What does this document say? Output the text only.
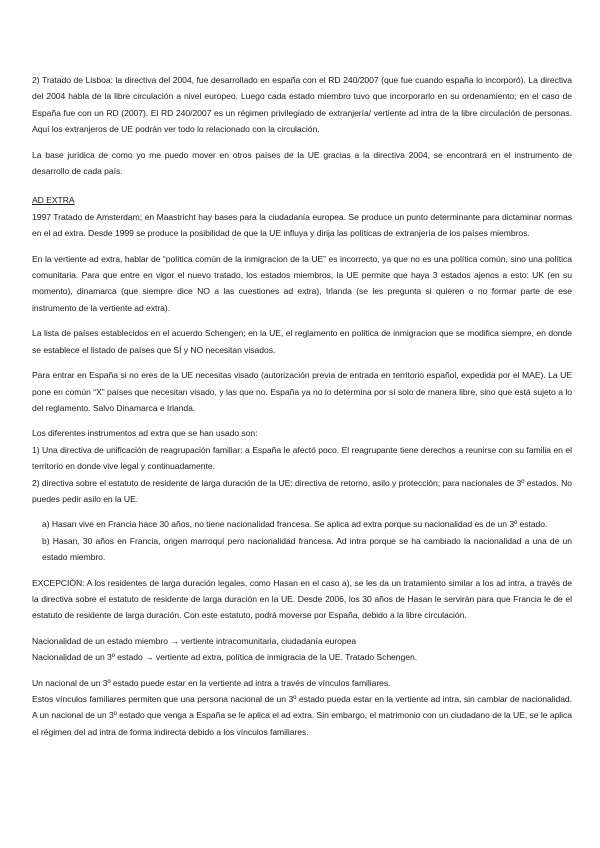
2) Tratado de Lisboa: la directiva del 2004, fue desarrollado en españa con el RD 240/2007 (que fue cuando españa lo incorporó). La directiva del 2004 habla de la libre circulación a nivel europeo. Luego cada estado miembro tuvo que incorporarlo en su ordenamiento; en el caso de España fue con un RD (2007). El RD 240/2007 es un régimen privilegiado de extranjería/ vertiente ad intra de la libre circulación de personas. Aquí los extranjeros de UE podrán ver todo lo relacionado con la circulación.

La base jurídica de como yo me puedo mover en otros países de la UE gracias a la directiva 2004, se encontrará en el instrumento de desarrollo de cada país.

AD EXTRA

1997 Tratado de Amsterdam; en Maastricht hay bases para la ciudadanía europea. Se produce un punto determinante para dictaminar normas en el ad extra. Desde 1999 se produce la posibilidad de que la UE influya y dirija las políticas de extranjería de los países miembros.

En la vertiente ad extra, hablar de “política común de la inmigracion de la UE” es incorrecto, ya que no es una política común, sino una política comunitaria. Para que entre en vigor el nuevo tratado, los estados miembros, la UE permite que haya 3 estados ajenos a esto: UK (en su momento), dinamarca (que siempre dice NO a las cuestiones ad extra), Irlanda (se les pregunta si quieren o no formar parte de ese instrumento de la vertiente ad extra).

La lista de países establecidos en el acuerdo Schengen; en la UE, el reglamento en política de inmigracion que se modifica siempre, en donde se establece el listado de países que SÍ y NO necesitan visados.

Para entrar en España si no eres de la UE necesitas visado (autorización previa de entrada en territorio español, expedida por el MAE). La UE pone en común “X” países que necesitan visado, y las que no. España ya no lo determina por sí solo de manera libre, sino que está sujeto a lo del reglamento. Salvo Dinamarca e Irlanda.

Los diferentes instrumentos ad extra que se han usado son:

1) Una directiva de unificación de reagrupación familiar: a España le afectó poco. El reagrupante tiene derechos a reunirse con su familia en el territorio en donde vive legal y continuadamente.

2) directiva sobre el estatuto de residente de larga duración de la UE: directiva de retorno, asilo y protección; para nacionales de 3º estados. No puedes pedir asilo en la UE.

a) Hasan vive en Francia hace 30 años, no tiene nacionalidad francesa. Se aplica ad extra porque su nacionalidad es de un 3º estado.

b) Hasan, 30 años en Francia, origen marroquí pero nacionalidad francesa. Ad intra porque se ha cambiado la nacionalidad a una de un estado miembro.

EXCEPCIÓN: A los residentes de larga duración legales, como Hasan en el caso a), se les da un tratamiento similar a los ad intra, a través de la directiva sobre el estatuto de residente de larga duración en la UE. Desde 2006, los 30 años de Hasan le servirán para que Francia le de el estatuto de residente de larga duración. Con este estatuto, podrá moverse por España, debido a la libre circulación.

Nacionalidad de un estado miembro → vertiente intracomunitaria, ciudadanía europea

Nacionalidad de un 3º estado → vertiente ad extra, política de inmigracia de la UE. Tratado Schengen.

Un nacional de un 3º estado puede estar en la vertiente ad intra a través de vínculos familiares.

Estos vínculos familiares permiten que una persona nacional de un 3º estado pueda estar en la vertiente ad intra, sin cambiar de nacionalidad. A un nacional de un 3º estado que venga a España se le aplica el ad extra. Sin embargo, el matrimonio con un ciudadano de la UE, se le aplica el régimen del ad intra de forma indirecta debido a los vínculos familiares.
